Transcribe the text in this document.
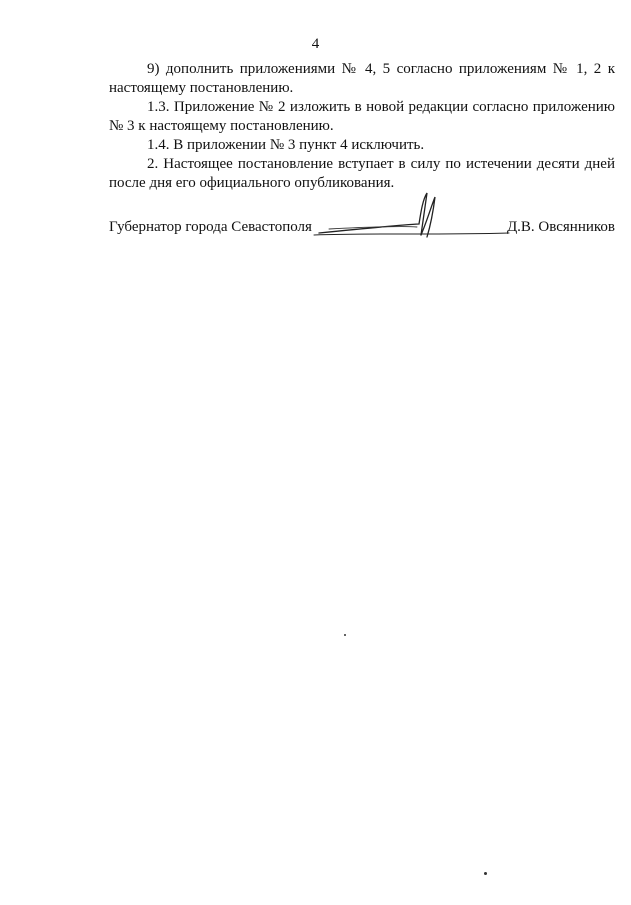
4

9) дополнить приложениями № 4, 5 согласно приложениям № 1, 2 к настоящему постановлению.

1.3. Приложение № 2 изложить в новой редакции согласно приложению № 3 к настоящему постановлению.

1.4. В приложении № 3 пункт 4 исключить.

2. Настоящее постановление вступает в силу по истечении десяти дней после дня его официального опубликования.

Губернатор города Севастополя	Д.В. Овсянников
